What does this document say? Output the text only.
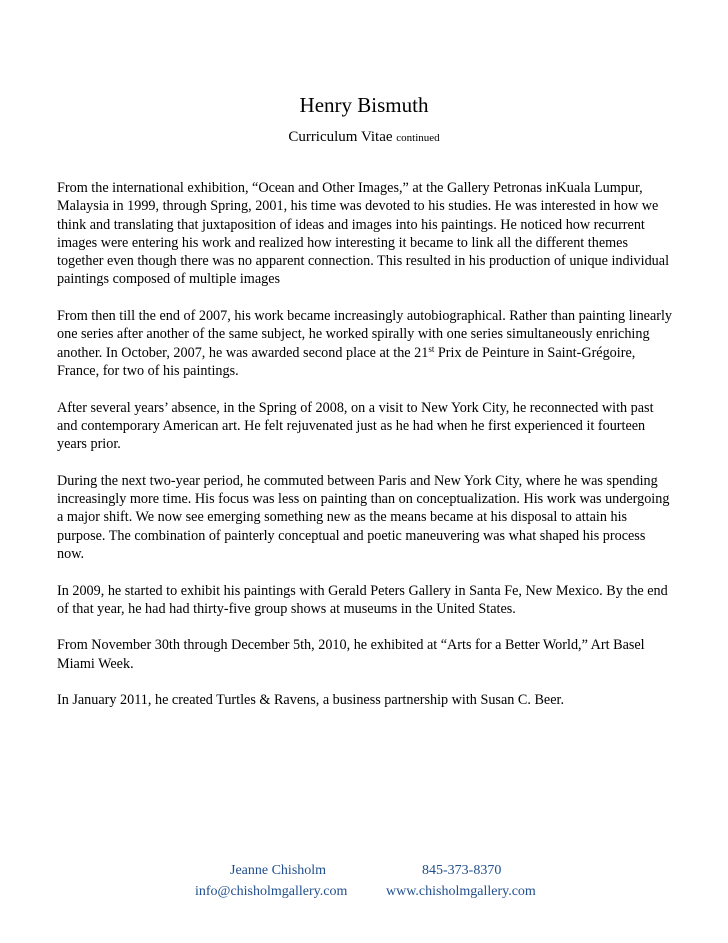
Henry Bismuth
Curriculum Vitae continued

From the international exhibition, “Ocean and Other Images,” at the Gallery Petronas inKuala Lumpur, Malaysia in 1999, through Spring, 2001, his time was devoted to his studies. He was interested in how we think and translating that juxtaposition of ideas and images into his paintings. He noticed how recurrent images were entering his work and realized how interesting it became to link all the different themes together even though there was no apparent connection. This resulted in his production of unique individual paintings composed of multiple images

From then till the end of 2007, his work became increasingly autobiographical. Rather than painting linearly one series after another of the same subject, he worked spirally with one series simultaneously enriching another. In October, 2007, he was awarded second place at the 21st Prix de Peinture in Saint-Grégoire, France, for two of his paintings.

After several years’ absence, in the Spring of 2008, on a visit to New York City, he reconnected with past and contemporary American art. He felt rejuvenated just as he had when he first experienced it fourteen years prior.

During the next two-year period, he commuted between Paris and New York City, where he was spending increasingly more time. His focus was less on painting than on conceptualization. His work was undergoing a major shift. We now see emerging something new as the means became at his disposal to attain his purpose. The combination of painterly conceptual and poetic maneuvering was what shaped his process now.

In 2009, he started to exhibit his paintings with Gerald Peters Gallery in Santa Fe, New Mexico. By the end of that year, he had had thirty-five group shows at museums in the United States.

From November 30th through December 5th, 2010, he exhibited at “Arts for a Better World,” Art Basel Miami Week.

In January 2011, he created Turtles & Ravens, a business partnership with Susan C. Beer.

Jeanne Chisholm	845-373-8370
info@chisholmgallery.com	www.chisholmgallery.com
